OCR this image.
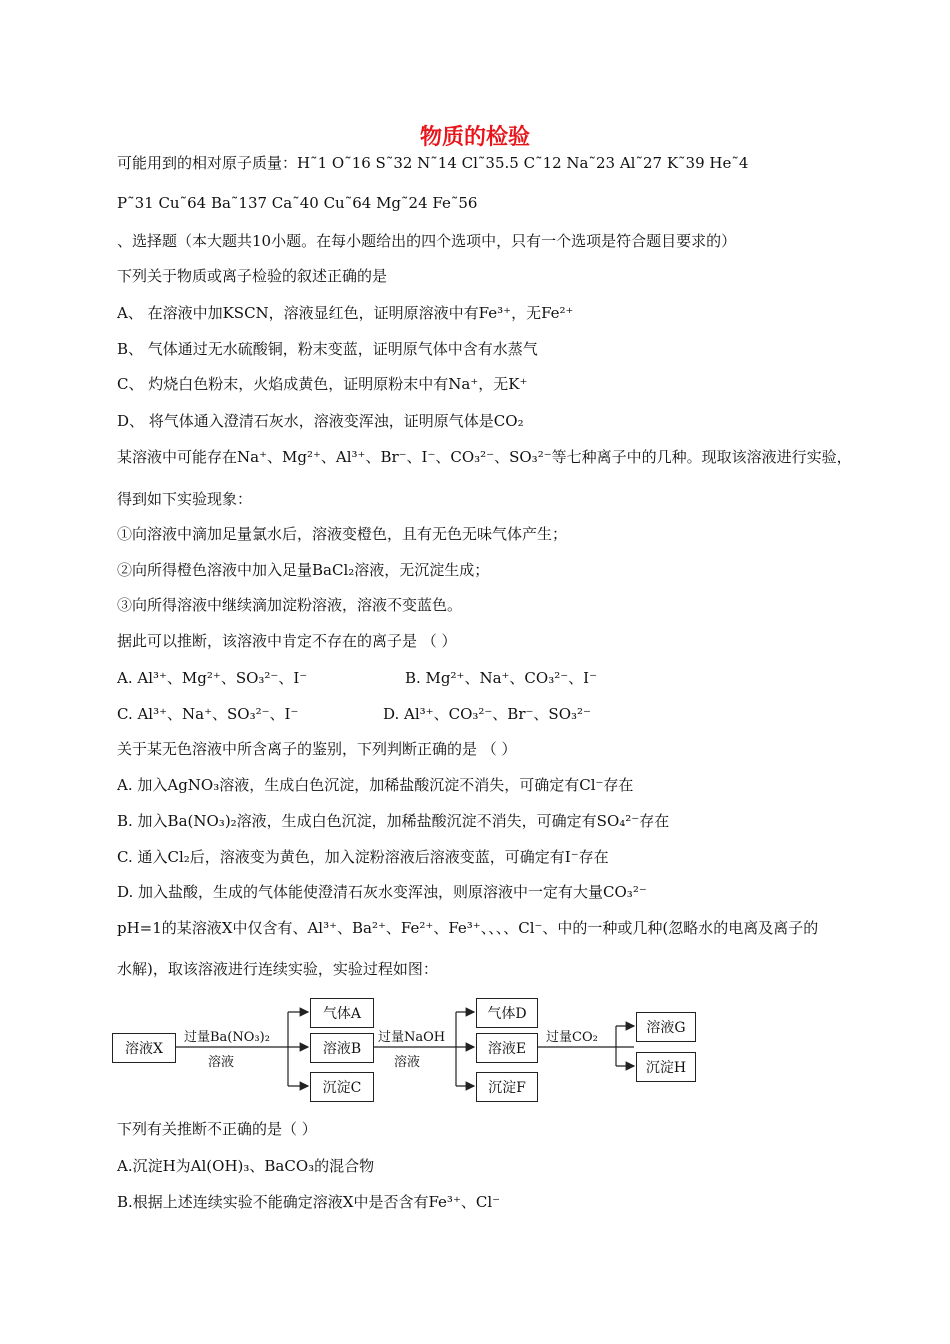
物质的检验
可能用到的相对原子质量：H˜1 O˜16 S˜32 N˜14 Cl˜35.5 C˜12 Na˜23 Al˜27 K˜39 He˜4
P˜31 Cu˜64 Ba˜137 Ca˜40 Cu˜64 Mg˜24 Fe˜56
、选择题（本大题共10小题。在每小题给出的四个选项中，只有一个选项是符合题目要求的）
下列关于物质或离子检验的叙述正确的是
A、 在溶液中加KSCN，溶液显红色，证明原溶液中有Fe³⁺，无Fe²⁺
B、 气体通过无水硫酸铜，粉末变蓝，证明原气体中含有水蒸气
C、 灼烧白色粉末，火焰成黄色，证明原粉末中有Na⁺，无K⁺
D、 将气体通入澄清石灰水，溶液变浑浊，证明原气体是CO₂
某溶液中可能存在Na⁺、Mg²⁺、Al³⁺、Br⁻、I⁻、CO₃²⁻、SO₃²⁻等七种离子中的几种。现取该溶液进行实验，
得到如下实验现象：
①向溶液中滴加足量氯水后，溶液变橙色，且有无色无味气体产生；
②向所得橙色溶液中加入足量BaCl₂溶液，无沉淀生成；
③向所得溶液中继续滴加淀粉溶液，溶液不变蓝色。
据此可以推断，该溶液中肯定不存在的离子是 （ ）
A. Al³⁺、Mg²⁺、SO₃²⁻、I⁻	B. Mg²⁺、Na⁺、CO₃²⁻、I⁻
C. Al³⁺、Na⁺、SO₃²⁻、I⁻	D. Al³⁺、CO₃²⁻、Br⁻、SO₃²⁻
关于某无色溶液中所含离子的鉴别，下列判断正确的是 （ ）
A. 加入AgNO₃溶液，生成白色沉淀，加稀盐酸沉淀不消失，可确定有Cl⁻存在
B. 加入Ba(NO₃)₂溶液，生成白色沉淀，加稀盐酸沉淀不消失，可确定有SO₄²⁻存在
C. 通入Cl₂后，溶液变为黄色，加入淀粉溶液后溶液变蓝，可确定有I⁻存在
D. 加入盐酸，生成的气体能使澄清石灰水变浑浊，则原溶液中一定有大量CO₃²⁻
pH=1的某溶液X中仅含有、Al³⁺、Ba²⁺、Fe²⁺、Fe³⁺、、、、Cl⁻、中的一种或几种(忽略水的电离及离子的
水解)，取该溶液进行连续实验，实验过程如图：
溶液X
过量Ba(NO₃)₂
溶液
气体A
溶液B
沉淀C
过量NaOH
溶液
气体D
溶液E
沉淀F
过量CO₂
溶液G
沉淀H
下列有关推断不正确的是（ ）
A.沉淀H为Al(OH)₃、BaCO₃的混合物
B.根据上述连续实验不能确定溶液X中是否含有Fe³⁺、Cl⁻
